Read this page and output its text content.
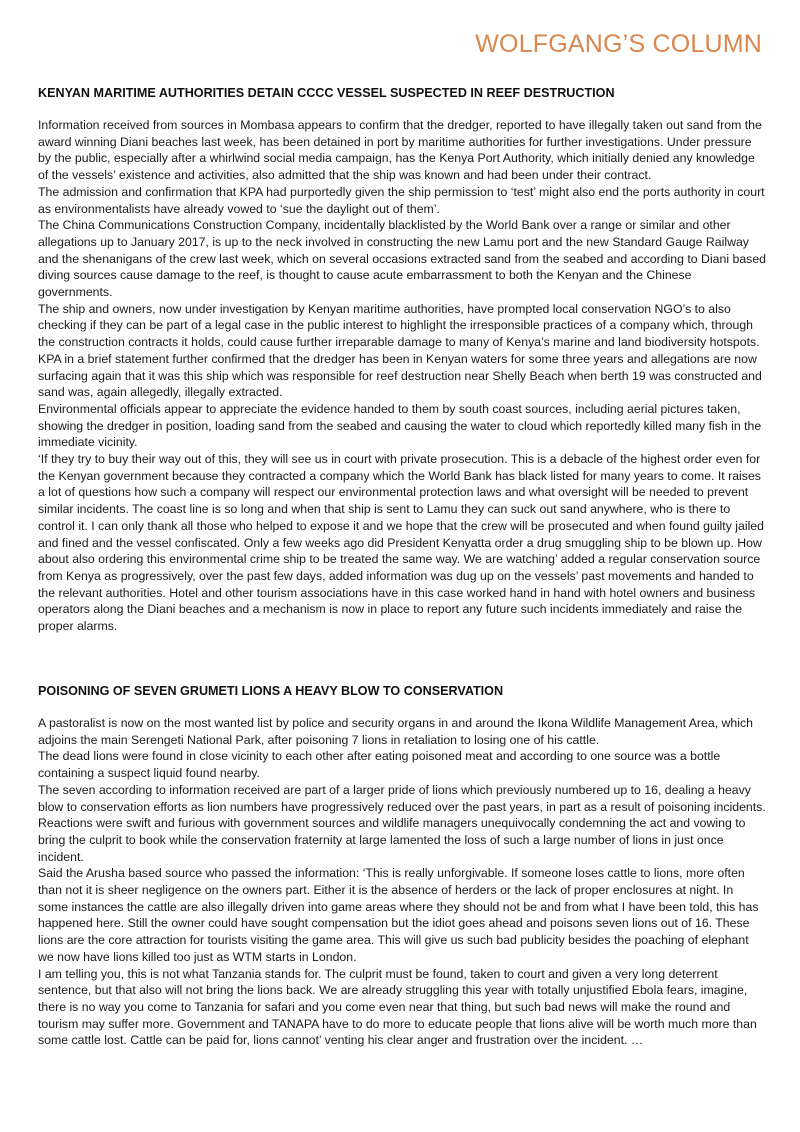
WOLFGANG’S COLUMN
KENYAN MARITIME AUTHORITIES DETAIN CCCC VESSEL SUSPECTED IN REEF DESTRUCTION

Information received from sources in Mombasa appears to confirm that the dredger, reported to have illegally taken out sand from the award winning Diani beaches last week, has been detained in port by maritime authorities for further investigations. Under pressure by the public, especially after a whirlwind social media campaign, has the Kenya Port Authority, which initially denied any knowledge of the vessels’ existence and activities, also admitted that the ship was known and had been under their contract.

The admission and confirmation that KPA had purportedly given the ship permission to ‘test’ might also end the ports authority in court as environmentalists have already vowed to ‘sue the daylight out of them’.

The China Communications Construction Company, incidentally blacklisted by the World Bank over a range or similar and other allegations up to January 2017, is up to the neck involved in constructing the new Lamu port and the new Standard Gauge Railway and the shenanigans of the crew last week, which on several occasions extracted sand from the seabed and according to Diani based diving sources cause damage to the reef, is thought to cause acute embarrassment to both the Kenyan and the Chinese governments.

The ship and owners, now under investigation by Kenyan maritime authorities, have prompted local conservation NGO’s to also checking if they can be part of a legal case in the public interest to highlight the irresponsible practices of a company which, through the construction contracts it holds, could cause further irreparable damage to many of Kenya’s marine and land biodiversity hotspots.

KPA in a brief statement further confirmed that the dredger has been in Kenyan waters for some three years and allegations are now surfacing again that it was this ship which was responsible for reef destruction near Shelly Beach when berth 19 was constructed and sand was, again allegedly, illegally extracted.

Environmental officials appear to appreciate the evidence handed to them by south coast sources, including aerial pictures taken, showing the dredger in position, loading sand from the seabed and causing the water to cloud which reportedly killed many fish in the immediate vicinity.

‘If they try to buy their way out of this, they will see us in court with private prosecution. This is a debacle of the highest order even for the Kenyan government because they contracted a company which the World Bank has black listed for many years to come. It raises a lot of questions how such a company will respect our environmental protection laws and what oversight will be needed to prevent similar incidents. The coast line is so long and when that ship is sent to Lamu they can suck out sand anywhere, who is there to control it. I can only thank all those who helped to expose it and we hope that the crew will be prosecuted and when found guilty jailed and fined and the vessel confiscated. Only a few weeks ago did President Kenyatta order a drug smuggling ship to be blown up. How about also ordering this environmental crime ship to be treated the same way. We are watching’ added a regular conservation source from Kenya as progressively, over the past few days, added information was dug up on the vessels’ past movements and handed to the relevant authorities. Hotel and other tourism associations have in this case worked hand in hand with hotel owners and business operators along the Diani beaches and a mechanism is now in place to report any future such incidents immediately and raise the proper alarms.

POISONING OF SEVEN GRUMETI LIONS A HEAVY BLOW TO CONSERVATION

A pastoralist is now on the most wanted list by police and security organs in and around the Ikona Wildlife Management Area, which adjoins the main Serengeti National Park, after poisoning 7 lions in retaliation to losing one of his cattle.

The dead lions were found in close vicinity to each other after eating poisoned meat and according to one source was a bottle containing a suspect liquid found nearby.

The seven according to information received are part of a larger pride of lions which previously numbered up to 16, dealing a heavy blow to conservation efforts as lion numbers have progressively reduced over the past years, in part as a result of poisoning incidents.

Reactions were swift and furious with government sources and wildlife managers unequivocally condemning the act and vowing to bring the culprit to book while the conservation fraternity at large lamented the loss of such a large number of lions in just once incident.

Said the Arusha based source who passed the information: ‘This is really unforgivable. If someone loses cattle to lions, more often than not it is sheer negligence on the owners part. Either it is the absence of herders or the lack of proper enclosures at night. In some instances the cattle are also illegally driven into game areas where they should not be and from what I have been told, this has happened here. Still the owner could have sought compensation but the idiot goes ahead and poisons seven lions out of 16. These lions are the core attraction for tourists visiting the game area. This will give us such bad publicity besides the poaching of elephant we now have lions killed too just as WTM starts in London.

I am telling you, this is not what Tanzania stands for. The culprit must be found, taken to court and given a very long deterrent sentence, but that also will not bring the lions back. We are already struggling this year with totally unjustified Ebola fears, imagine, there is no way you come to Tanzania for safari and you come even near that thing, but such bad news will make the round and tourism may suffer more. Government and TANAPA have to do more to educate people that lions alive will be worth much more than some cattle lost. Cattle can be paid for, lions cannot’ venting his clear anger and frustration over the incident. …
